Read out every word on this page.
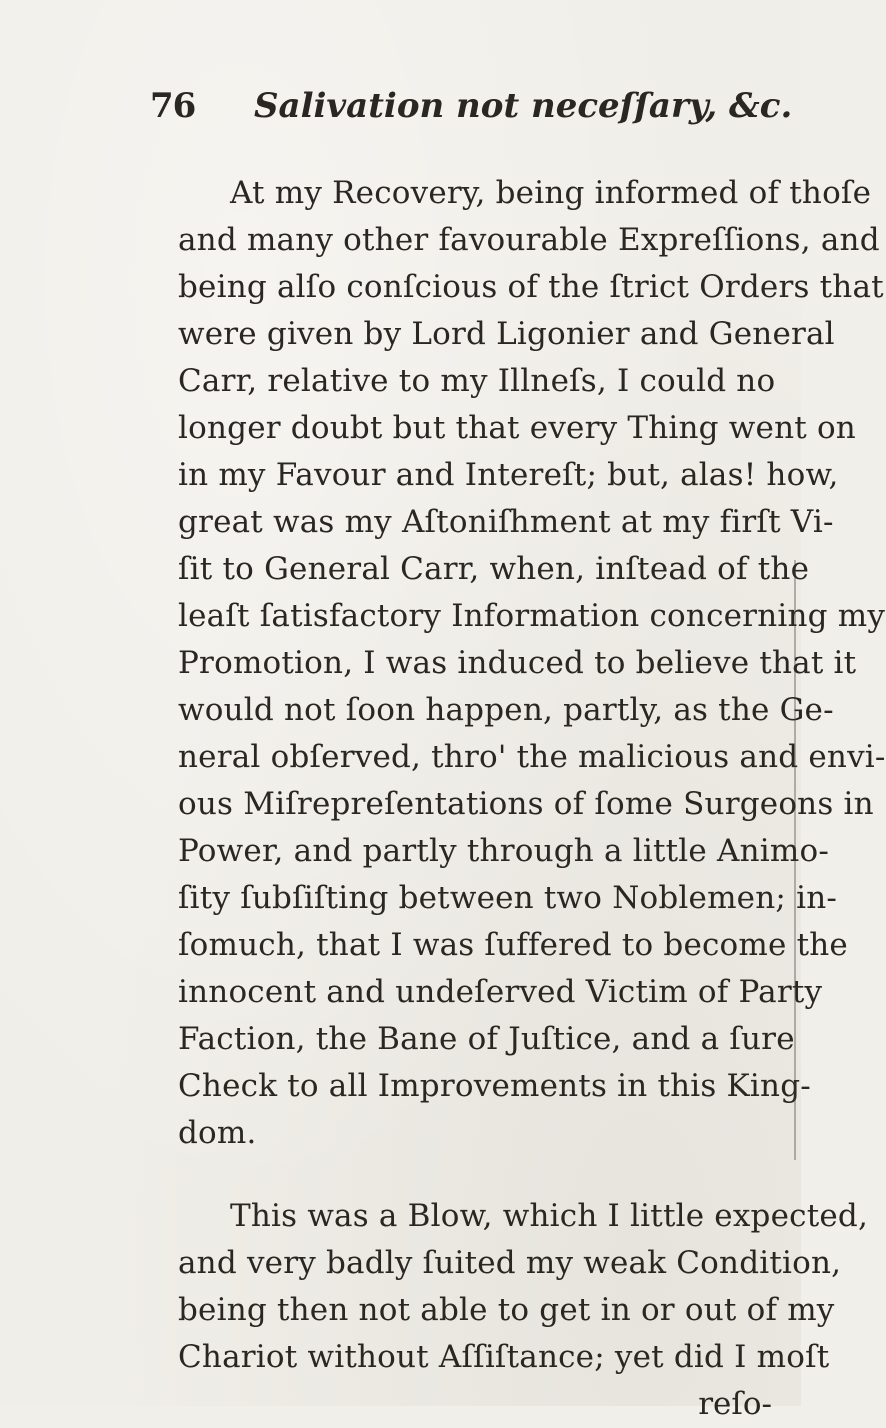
76 Salivation not neceſſary, &c.
At my Recovery, being informed of thoſe
and many other favourable Expreſſions, and
being alſo conſcious of the ſtrict Orders that
were given by Lord Ligonier and General
Carr, relative to my Illneſs, I could no
longer doubt but that every Thing went on
in my Favour and Intereſt; but, alas! how,
great was my Aſtoniſhment at my firſt Vi-
ſit to General Carr, when, inſtead of the
leaſt ſatisfactory Information concerning my
Promotion, I was induced to believe that it
would not ſoon happen, partly, as the Ge-
neral obſerved, thro' the malicious and envi-
ous Miſrepreſentations of ſome Surgeons in
Power, and partly through a little Animo-
ſity ſubſiſting between two Noblemen; in-
ſomuch, that I was ſuffered to become the
innocent and undeſerved Victim of Party
Faction, the Bane of Juſtice, and a ſure
Check to all Improvements in this King-
dom.
This was a Blow, which I little expected,
and very badly ſuited my weak Condition,
being then not able to get in or out of my
Chariot without Aſſiſtance; yet did I moſt
reſo-
